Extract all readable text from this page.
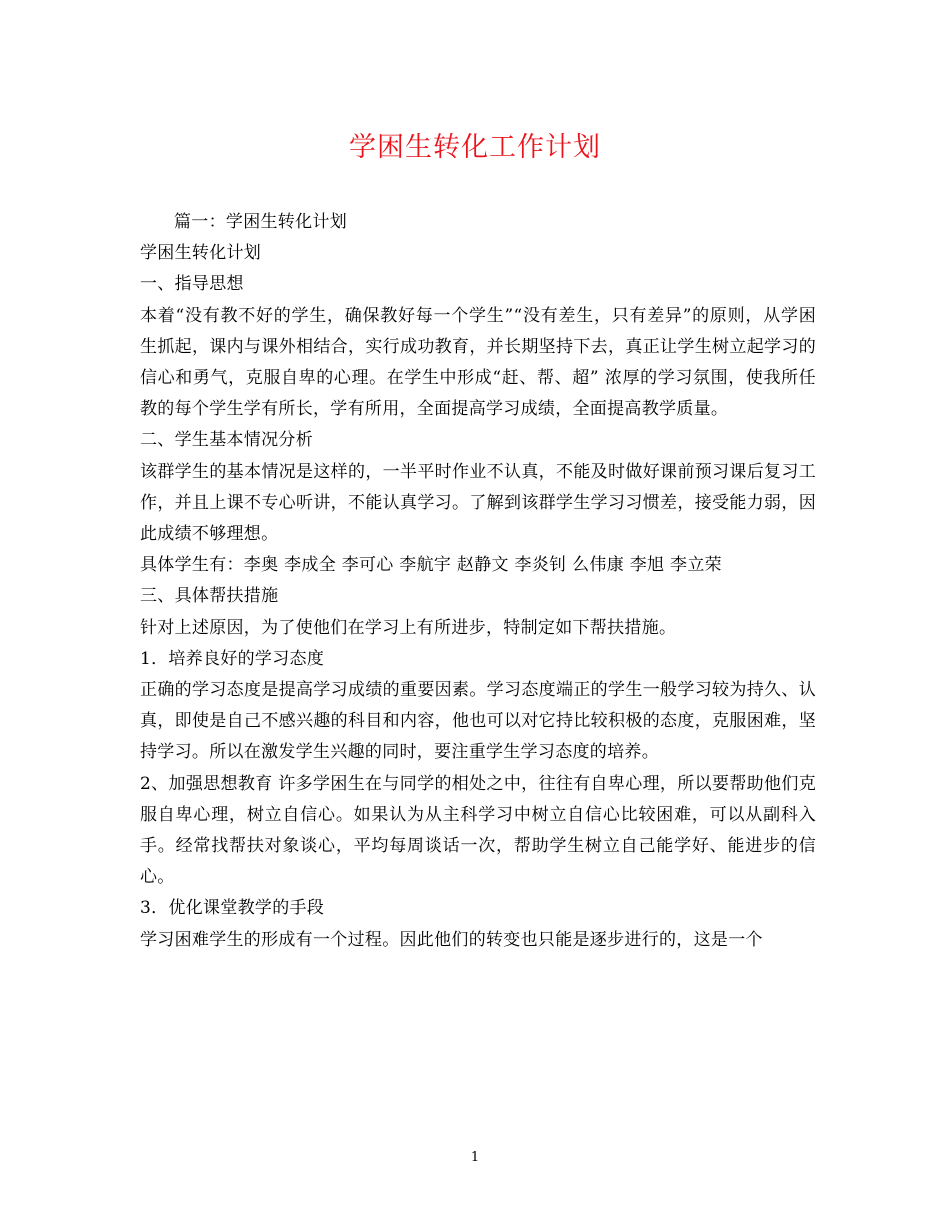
学困生转化工作计划

篇一：学困生转化计划

学困生转化计划

一、指导思想

本着“没有教不好的学生，确保教好每一个学生”“没有差生，只有差异”的原则，从学困生抓起，课内与课外相结合，实行成功教育，并长期坚持下去，真正让学生树立起学习的信心和勇气，克服自卑的心理。在学生中形成“赶、帮、超” 浓厚的学习氛围，使我所任教的每个学生学有所长，学有所用，全面提高学习成绩，全面提高教学质量。

二、学生基本情况分析

该群学生的基本情况是这样的，一半平时作业不认真，不能及时做好课前预习课后复习工作，并且上课不专心听讲，不能认真学习。了解到该群学生学习习惯差，接受能力弱，因此成绩不够理想。

具体学生有：李奥 李成全 李可心 李航宇 赵静文 李炎钊 么伟康 李旭 李立荣

三、具体帮扶措施

针对上述原因，为了使他们在学习上有所进步，特制定如下帮扶措施。

1．培养良好的学习态度

正确的学习态度是提高学习成绩的重要因素。学习态度端正的学生一般学习较为持久、认真，即使是自己不感兴趣的科目和内容，他也可以对它持比较积极的态度，克服困难，坚持学习。所以在激发学生兴趣的同时，要注重学生学习态度的培养。

2、加强思想教育 许多学困生在与同学的相处之中，往往有自卑心理，所以要帮助他们克服自卑心理，树立自信心。如果认为从主科学习中树立自信心比较困难，可以从副科入手。经常找帮扶对象谈心，平均每周谈话一次，帮助学生树立自己能学好、能进步的信心。

3．优化课堂教学的手段

学习困难学生的形成有一个过程。因此他们的转变也只能是逐步进行的，这是一个

1
